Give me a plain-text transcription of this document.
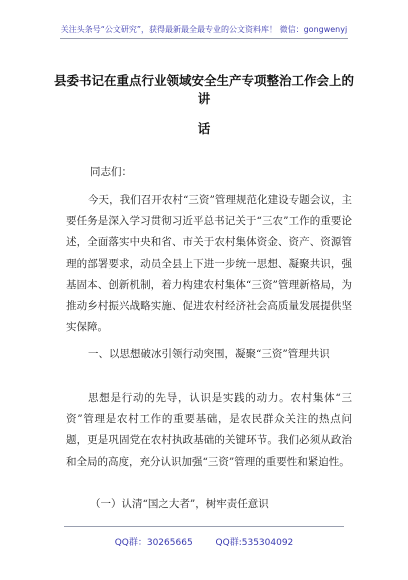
关注头条号“公文研究”，获得最新最全最专业的公文资料库！ 微信：gongwenyj
县委书记在重点行业领域安全生产专项整治工作会上的讲
话
同志们：
今天，我们召开农村“三资”管理规范化建设专题会议，主要任务是深入学习贯彻习近平总书记关于“三农”工作的重要论述，全面落实中央和省、市关于农村集体资金、资产、资源管理的部署要求，动员全县上下进一步统一思想、凝聚共识，强基固本、创新机制，着力构建农村集体“三资”管理新格局，为推动乡村振兴战略实施、促进农村经济社会高质量发展提供坚实保障。
一、以思想破冰引领行动突围，凝聚“三资”管理共识
思想是行动的先导，认识是实践的动力。农村集体“三资”管理是农村工作的重要基础，是农民群众关注的热点问题，更是巩固党在农村执政基础的关键环节。我们必须从政治和全局的高度，充分认识加强“三资”管理的重要性和紧迫性。
（一）认清“国之大者”，树牢责任意识
QQ群：30265665	QQ群:535304092
